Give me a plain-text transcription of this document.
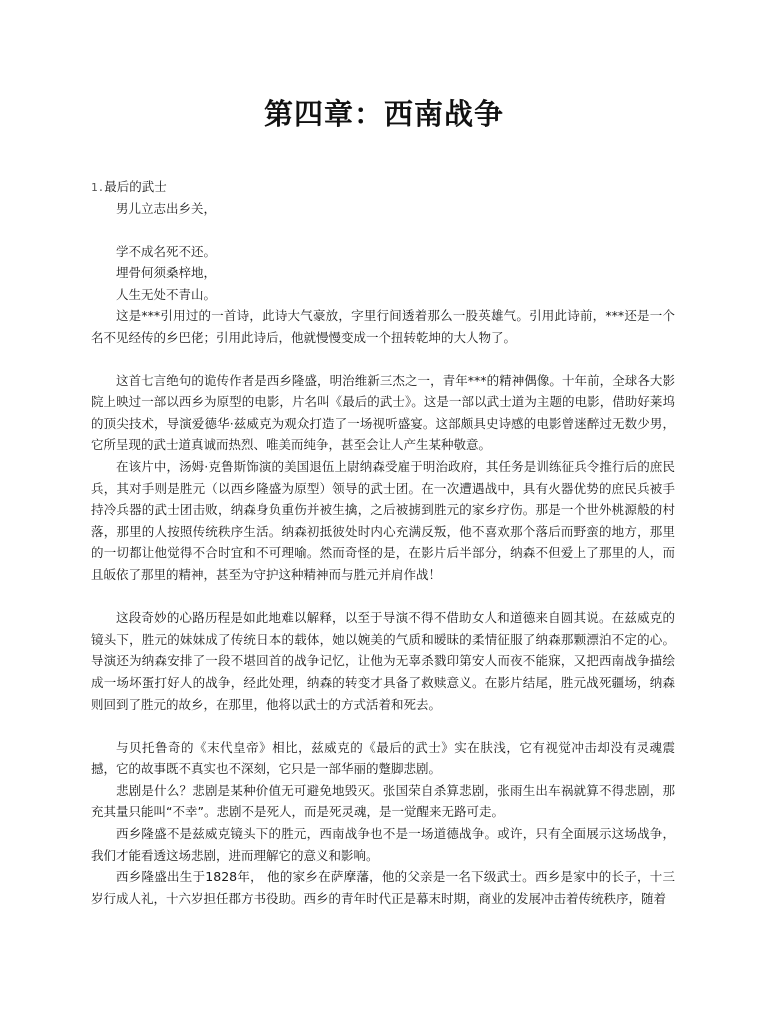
第四章：西南战争

1.最后的武士

男儿立志出乡关，

学不成名死不还。

埋骨何须桑梓地，

人生无处不青山。

这是***引用过的一首诗，此诗大气豪放，字里行间透着那么一股英雄气。引用此诗前，***还是一个名不见经传的乡巴佬；引用此诗后，他就慢慢变成一个扭转乾坤的大人物了。

这首七言绝句的诡传作者是西乡隆盛，明治维新三杰之一，青年***的精神偶像。十年前，全球各大影院上映过一部以西乡为原型的电影，片名叫《最后的武士》。这是一部以武士道为主题的电影，借助好莱坞的顶尖技术，导演爱德华·兹威克为观众打造了一场视听盛宴。这部颇具史诗感的电影曾迷醉过无数少男，它所呈现的武士道真诚而热烈、唯美而纯争，甚至会让人产生某种敬意。

在该片中，汤姆·克鲁斯饰演的美国退伍上尉纳森受雇于明治政府，其任务是训练征兵令推行后的庶民兵，其对手则是胜元（以西乡隆盛为原型）领导的武士团。在一次遭遇战中，具有火器优势的庶民兵被手持冷兵器的武士团击败，纳森身负重伤并被生擒，之后被掳到胜元的家乡疗伤。那是一个世外桃源般的村落，那里的人按照传统秩序生活。纳森初抵彼处时内心充满反叛，他不喜欢那个落后而野蛮的地方，那里的一切都让他觉得不合时宜和不可理喻。然而奇怪的是，在影片后半部分，纳森不但爱上了那里的人，而且皈依了那里的精神，甚至为守护这种精神而与胜元并肩作战！

这段奇妙的心路历程是如此地难以解释，以至于导演不得不借助女人和道德来自圆其说。在兹威克的镜头下，胜元的妹妹成了传统日本的载体，她以婉美的气质和暧昧的柔情征服了纳森那颗漂泊不定的心。导演还为纳森安排了一段不堪回首的战争记忆，让他为无辜杀戮印第安人而夜不能寐，又把西南战争描绘成一场坏蛋打好人的战争，经此处理，纳森的转变才具备了救赎意义。在影片结尾，胜元战死疆场，纳森则回到了胜元的故乡，在那里，他将以武士的方式活着和死去。

与贝托鲁奇的《末代皇帝》相比，兹威克的《最后的武士》实在肤浅，它有视觉冲击却没有灵魂震撼，它的故事既不真实也不深刻，它只是一部华丽的蹩脚悲剧。

悲剧是什么？悲剧是某种价值无可避免地毁灭。张国荣自杀算悲剧，张雨生出车祸就算不得悲剧，那充其量只能叫“不幸”。悲剧不是死人，而是死灵魂，是一觉醒来无路可走。

西乡隆盛不是兹威克镜头下的胜元，西南战争也不是一场道德战争。或许，只有全面展示这场战争，我们才能看透这场悲剧，进而理解它的意义和影响。

西乡隆盛出生于1828年， 他的家乡在萨摩藩，他的父亲是一名下级武士。西乡是家中的长子，十三岁行成人礼，十六岁担任郡方书役助。西乡的青年时代正是幕末时期，商业的发展冲击着传统秩序，随着
